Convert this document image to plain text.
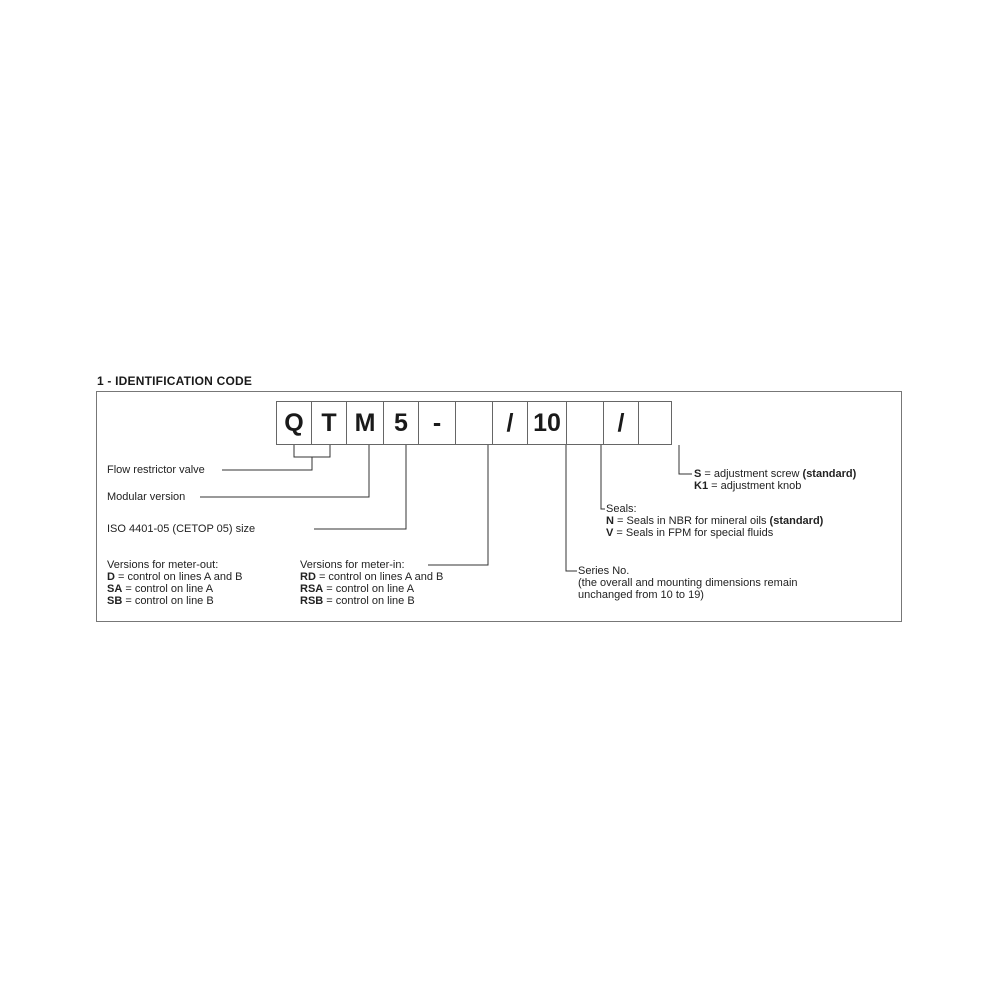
1 - IDENTIFICATION CODE
Q T M 5 -	/ 10	/
Flow restrictor valve
Modular version
ISO 4401-05 (CETOP 05) size
Versions for meter-out:
D = control on lines A and B
SA = control on line A
SB = control on line B
Versions for meter-in:
RD = control on lines A and B
RSA = control on line A
RSB = control on line B
Series No.
(the overall and mounting dimensions remain
unchanged from 10 to 19)
Seals:
N = Seals in NBR for mineral oils (standard)
V = Seals in FPM for special fluids
S = adjustment screw (standard)
K1 = adjustment knob
